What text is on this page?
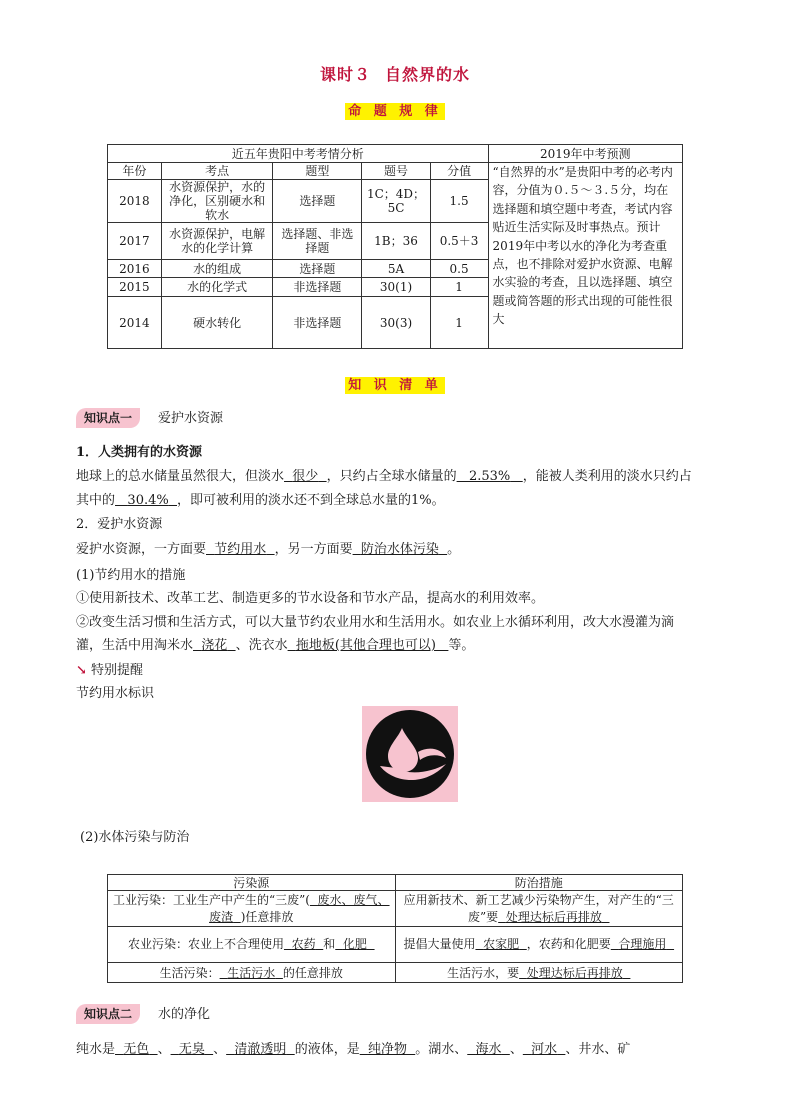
课时３ 自然界的水
命 题 规 律
近五年贵阳中考考情分析					2019年中考预测
年份	考点	题型	题号	分值	“自然界的水”是贵阳中考的必考内容，分值为０.５～３.５分，均在选择题和填空题中考查，考试内容贴近生活实际及时事热点。预计2019年中考以水的净化为考查重点，也不排除对爱护水资源、电解水实验的考查，且以选择题、填空题或简答题的形式出现的可能性很大
2018	水资源保护，水的净化，区别硬水和软水	选择题	1C；4D；5C	1.5	
2017	水资源保护，电解水的化学计算	选择题、非选择题	1B；36	0.5＋3	
2016	水的组成	选择题	5A	0.5	
2015	水的化学式	非选择题	30(1)	1	
2014	硬水转化	非选择题	30(3)	1	
知 识 清 单
知识点一 爱护水资源
1．人类拥有的水资源
地球上的总水储量虽然很大，但淡水 很少 ，只约占全球水储量的 2.53% ，能被人类利用的淡水只约占
其中的 30.4% ，即可被利用的淡水还不到全球总水量的1%。
2．爱护水资源
爱护水资源，一方面要 节约用水 ，另一方面要 防治水体污染 。
(1)节约用水的措施
①使用新技术、改革工艺、制造更多的节水设备和节水产品，提高水的利用效率。
②改变生活习惯和生活方式，可以大量节约农业用水和生活用水。如农业上水循环利用，改大水漫灌为滴
灌，生活中用淘米水 浇花 、洗衣水 拖地板(其他合理也可以) 等。
↘ 特别提醒
节约用水标识
(2)水体污染与防治
污染源	防治措施
工业污染：工业生产中产生的“三废”( 废水、废气、废渣 )任意排放	应用新技术、新工艺减少污染物产生，对产生的“三废”要 处理达标后再排放
农业污染：农业上不合理使用 农药 和 化肥	提倡大量使用 农家肥 ，农药和化肥要 合理施用
生活污染： 生活污水 的任意排放	生活污水，要 处理达标后再排放
知识点二 水的净化
纯水是 无色 、 无臭 、 清澈透明 的液体，是 纯净物 。湖水、 海水 、 河水 、井水、矿
